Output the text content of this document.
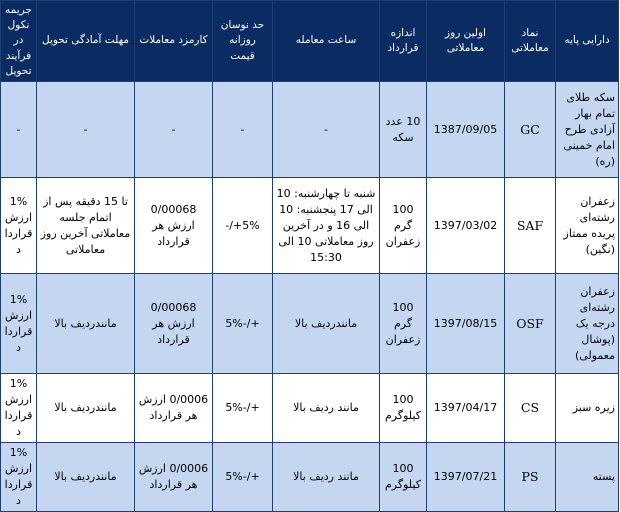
دارایی پایه	نماد معاملاتی	اولین روز معاملاتی	اندازه قرارداد	ساعت معامله	حد نوسان روزانه قیمت	کارمزد معاملات	مهلت آمادگی تحویل	جریمه نکول در فرآیند تحویل
سکه طلای تمام بهار آزادی طرح امام خمینی (ره)	GC	1387/09/05	10 عدد سکه	-	-	-	-	-
زعفران رشته‌ای پریده ممتاز (نگین)	SAF	1397/03/02	100 گرم زعفران	شنبه تا چهارشنبه: 10 الی 17 پنجشنبه: 10 الی 16 و در آخرین روز معاملاتی 10 الی 15:30	5%+/-	0/00068 ارزش هر قرارداد	تا 15 دقیقه پس از اتمام جلسه معاملاتی آخرین روز معاملاتی	1% ارزش قرارداد
زعفران رشته‌ای درجه یک (پوشال معمولی)	OSF	1397/08/15	100 گرم زعفران	مانندردیف بالا	+/-5%	0/00068 ارزش هر قرارداد	مانندردیف بالا	1% ارزش قرارداد
زیره سبز	CS	1397/04/17	100 کیلوگرم	مانند ردیف بالا	+/-5%	0/0006 ارزش هر قرارداد	مانندردیف بالا	1% ارزش قرارداد
پسته	PS	1397/07/21	100 کیلوگرم	مانند ردیف بالا	+/-5%	0/0006 ارزش هر قرارداد	مانندردیف بالا	1% ارزش قرارداد
